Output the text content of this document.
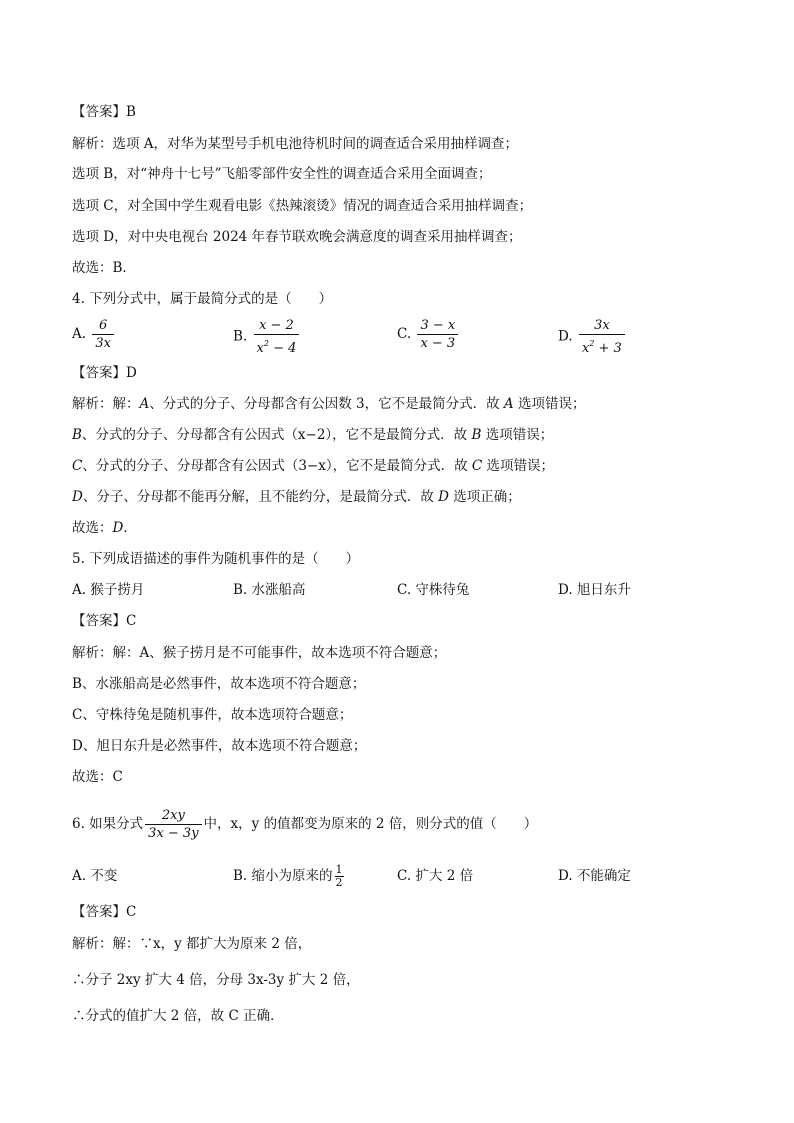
【答案】B
解析：选项 A，对华为某型号手机电池待机时间的调查适合采用抽样调查；
选项 B，对“神舟十七号”飞船零部件安全性的调查适合采用全面调查；
选项 C，对全国中学生观看电影《热辣滚烫》情况的调查适合采用抽样调查；
选项 D，对中央电视台 2024 年春节联欢晚会满意度的调查采用抽样调查；
故选：B．
4. 下列分式中，属于最简分式的是（　　）
A. $\frac{6}{3x}$	B. $\frac{x - 2}{x^2 - 4}$	C. $\frac{3 - x}{x - 3}$	D. $\frac{3x}{x^2 + 3}$
【答案】D
解析：解：A、分式的分子、分母都含有公因数 3，它不是最简分式．故 A 选项错误；
B、分式的分子、分母都含有公因式（x−2），它不是最简分式．故 B 选项错误；
C、分式的分子、分母都含有公因式（3−x），它不是最简分式．故 C 选项错误；
D、分子、分母都不能再分解，且不能约分，是最简分式．故 D 选项正确；
故选：D．
5. 下列成语描述的事件为随机事件的是（　　）
A. 猴子捞月	B. 水涨船高	C. 守株待兔	D. 旭日东升
【答案】C
解析：解：A、猴子捞月是不可能事件，故本选项不符合题意；
B、水涨船高是必然事件，故本选项不符合题意；
C、守株待兔是随机事件，故本选项符合题意；
D、旭日东升是必然事件，故本选项不符合题意；
故选：C
6. 如果分式 $\frac{2xy}{3x - 3y}$ 中，x，y 的值都变为原来的 2 倍，则分式的值（　　）
A. 不变	B. 缩小为原来的 $\frac{1}{2}$	C. 扩大 2 倍	D. 不能确定
【答案】C
解析：解：∵x，y 都扩大为原来 2 倍，
∴分子 2xy 扩大 4 倍，分母 3x-3y 扩大 2 倍，
∴分式的值扩大 2 倍，故 C 正确．
